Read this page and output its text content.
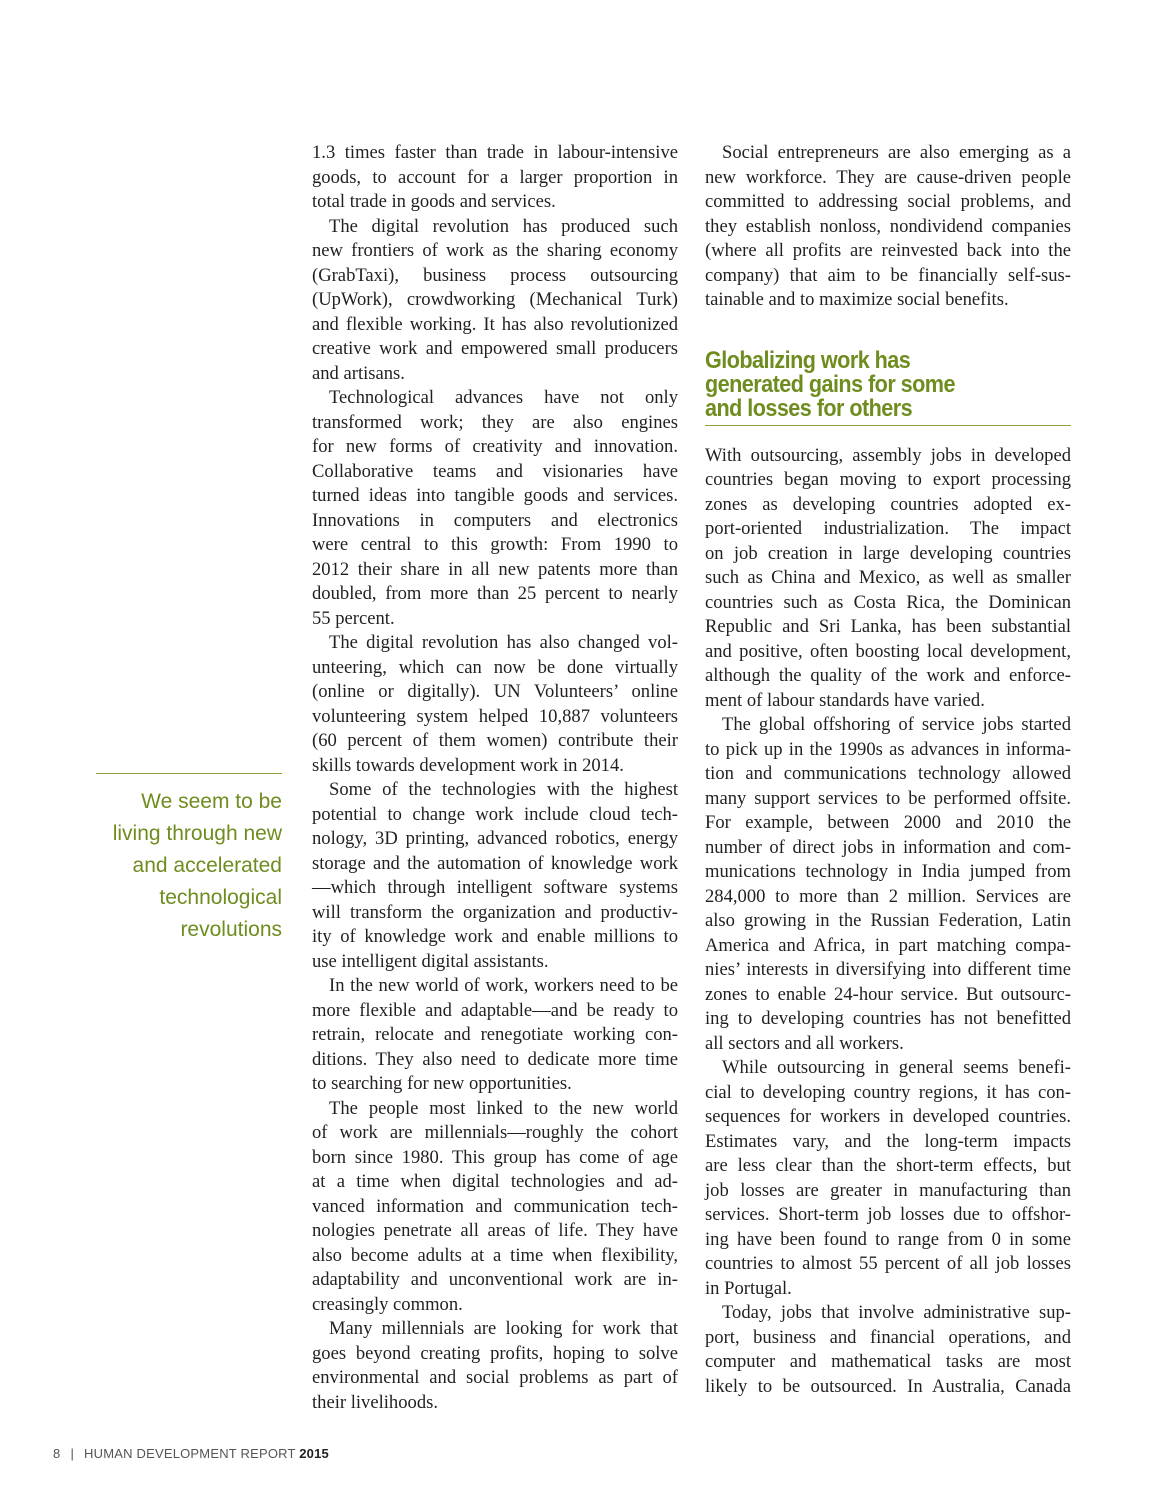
We seem to be
living through new
and accelerated
technological
revolutions
1.3 times faster than trade in labour-intensive
goods, to account for a larger proportion in
total trade in goods and services.
The digital revolution has produced such
new frontiers of work as the sharing economy
(GrabTaxi), business process outsourcing
(UpWork), crowdworking (Mechanical Turk)
and flexible working. It has also revolutionized
creative work and empowered small producers
and artisans.
Technological advances have not only
transformed work; they are also engines
for new forms of creativity and innovation.
Collaborative teams and visionaries have
turned ideas into tangible goods and services.
Innovations in computers and electronics
were central to this growth: From 1990 to
2012 their share in all new patents more than
doubled, from more than 25 percent to nearly
55 percent.
The digital revolution has also changed vol-
unteering, which can now be done virtually
(online or digitally). UN Volunteers’ online
volunteering system helped 10,887 volunteers
(60 percent of them women) contribute their
skills towards development work in 2014.
Some of the technologies with the highest
potential to change work include cloud tech-
nology, 3D printing, advanced robotics, energy
storage and the automation of knowledge work
—which through intelligent software systems
will transform the organization and productiv-
ity of knowledge work and enable millions to
use intelligent digital assistants.
In the new world of work, workers need to be
more flexible and adaptable—and be ready to
retrain, relocate and renegotiate working con-
ditions. They also need to dedicate more time
to searching for new opportunities.
The people most linked to the new world
of work are millennials—roughly the cohort
born since 1980. This group has come of age
at a time when digital technologies and ad-
vanced information and communication tech-
nologies penetrate all areas of life. They have
also become adults at a time when flexibility,
adaptability and unconventional work are in-
creasingly common.
Many millennials are looking for work that
goes beyond creating profits, hoping to solve
environmental and social problems as part of
their livelihoods.
Social entrepreneurs are also emerging as a
new workforce. They are cause-driven people
committed to addressing social problems, and
they establish nonloss, nondividend companies
(where all profits are reinvested back into the
company) that aim to be financially self-sus-
tainable and to maximize social benefits.
Globalizing work has
generated gains for some
and losses for others
With outsourcing, assembly jobs in developed
countries began moving to export processing
zones as developing countries adopted ex-
port-oriented industrialization. The impact
on job creation in large developing countries
such as China and Mexico, as well as smaller
countries such as Costa Rica, the Dominican
Republic and Sri Lanka, has been substantial
and positive, often boosting local development,
although the quality of the work and enforce-
ment of labour standards have varied.
The global offshoring of service jobs started
to pick up in the 1990s as advances in informa-
tion and communications technology allowed
many support services to be performed offsite.
For example, between 2000 and 2010 the
number of direct jobs in information and com-
munications technology in India jumped from
284,000 to more than 2 million. Services are
also growing in the Russian Federation, Latin
America and Africa, in part matching compa-
nies’ interests in diversifying into different time
zones to enable 24-hour service. But outsourc-
ing to developing countries has not benefitted
all sectors and all workers.
While outsourcing in general seems benefi-
cial to developing country regions, it has con-
sequences for workers in developed countries.
Estimates vary, and the long-term impacts
are less clear than the short-term effects, but
job losses are greater in manufacturing than
services. Short-term job losses due to offshor-
ing have been found to range from 0 in some
countries to almost 55 percent of all job losses
in Portugal.
Today, jobs that involve administrative sup-
port, business and financial operations, and
computer and mathematical tasks are most
likely to be outsourced. In Australia, Canada
8 | HUMAN DEVELOPMENT REPORT 2015
